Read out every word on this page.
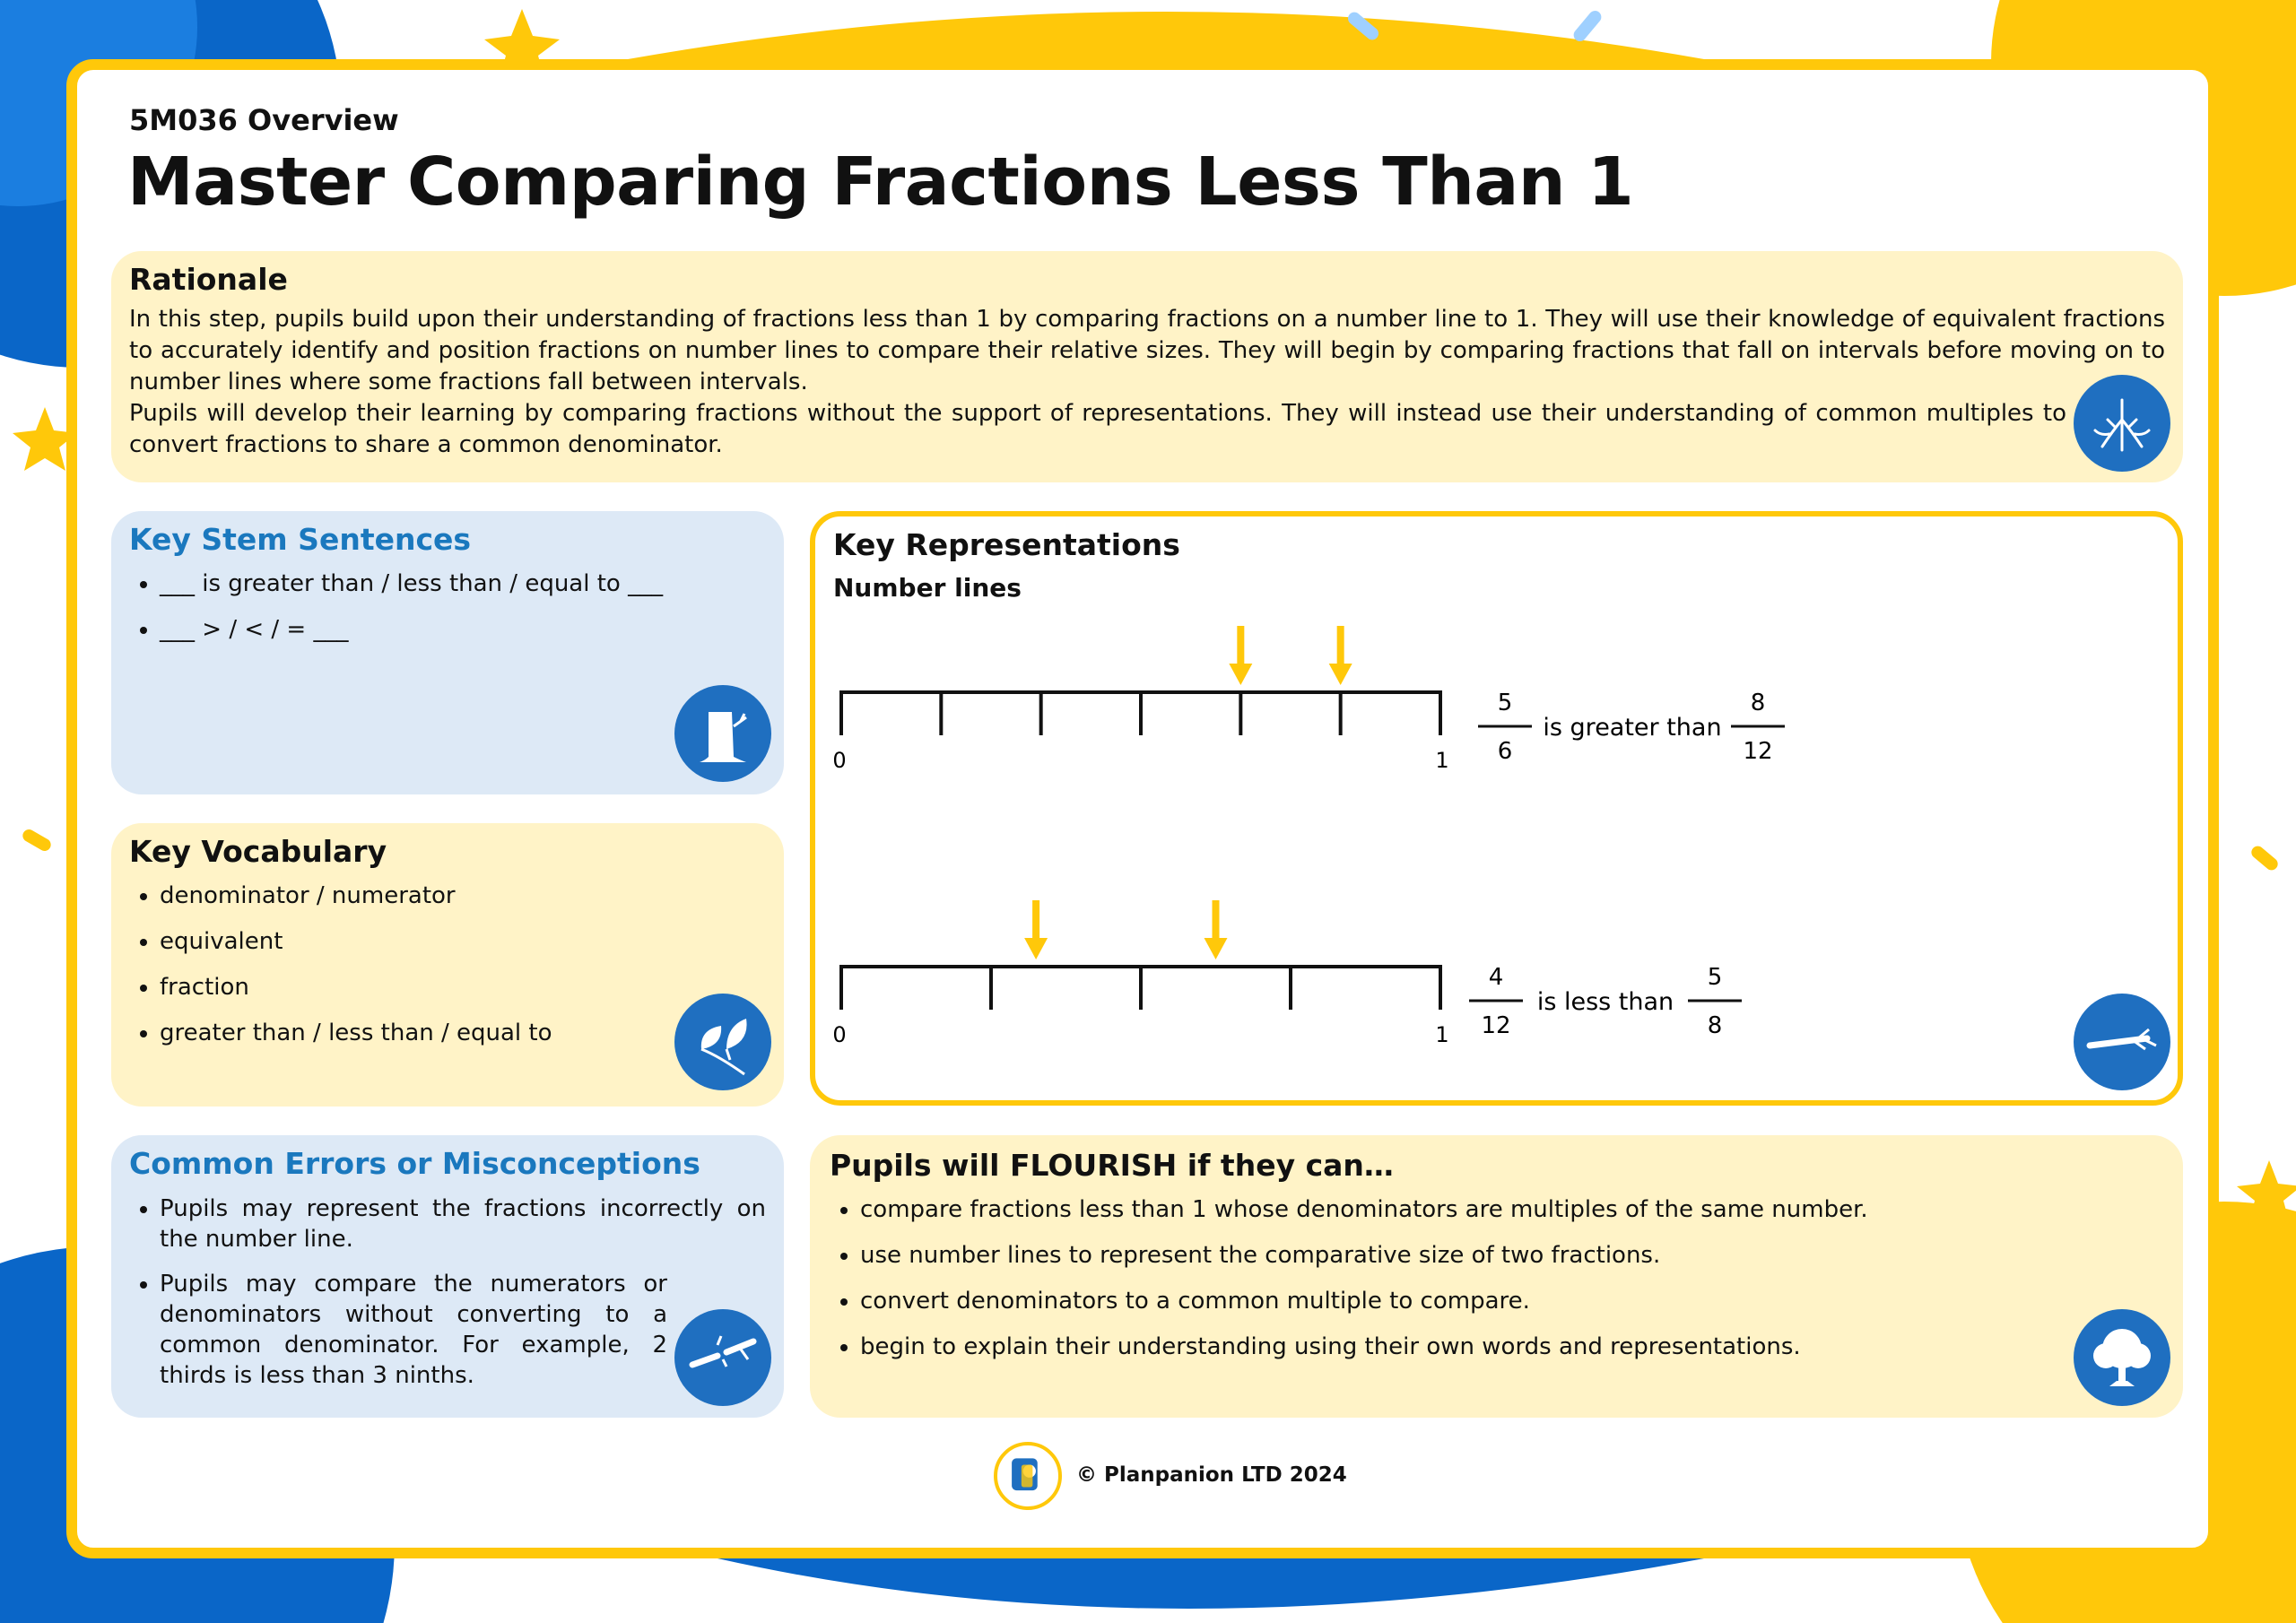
5M036 Overview
Master Comparing Fractions Less Than 1
Rationale

In this step, pupils build upon their understanding of fractions less than 1 by comparing fractions on a number line to 1. They will use their knowledge of equivalent fractions to accurately identify and position fractions on number lines to compare their relative sizes. They will begin by comparing fractions that fall on intervals before moving on to number lines where some fractions fall between intervals.

Pupils will develop their learning by comparing fractions without the support of representations. They will instead use their understanding of common multiples to convert fractions to share a common denominator.

Key Stem Sentences
• ___ is greater than / less than / equal to ___
• ___ > / < / = ___
Key Vocabulary
• denominator / numerator
• equivalent
• fraction
• greater than / less than / equal to
Common Errors or Misconceptions
• Pupils may represent the fractions incorrectly on the number line.
• Pupils may compare the numerators or denominators without converting to a common denominator. For example, 2 thirds is less than 3 ninths.
Key Representations
Number lines
0	1
5
6
is greater than
8
12
0	1
4
12
is less than
5
8
Pupils will FLOURISH if they can…
• compare fractions less than 1 whose denominators are multiples of the same number.
• use number lines to represent the comparative size of two fractions.
• convert denominators to a common multiple to compare.
• begin to explain their understanding using their own words and representations.
© Planpanion LTD 2024
